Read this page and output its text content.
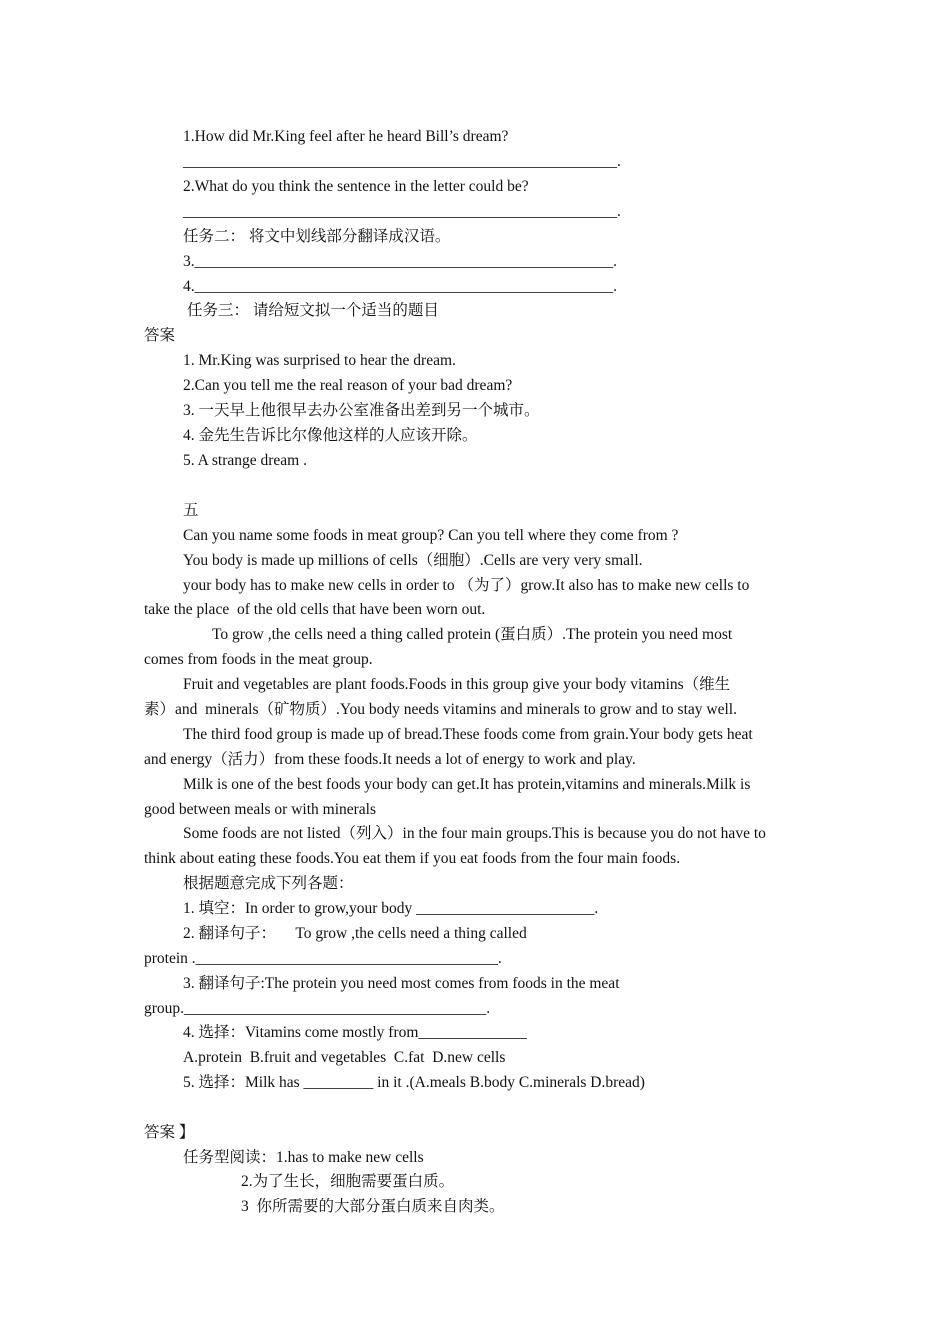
1.How did Mr.King feel after he heard Bill’s dream?

________________________________________________________.

2.What do you think the sentence in the letter could be?

________________________________________________________.

任务二： 将文中划线部分翻译成汉语。

3.______________________________________________________.

4.______________________________________________________.

任务三： 请给短文拟一个适当的题目

答案

1. Mr.King was surprised to hear the dream.

2.Can you tell me the real reason of your bad dream?

3. 一天早上他很早去办公室准备出差到另一个城市。

4. 金先生告诉比尔像他这样的人应该开除。

5. A strange dream .

五

Can you name some foods in meat group? Can you tell where they come from ?

You body is made up millions of cells（细胞）.Cells are very very small.

your body has to make new cells in order to （为了）grow.It also has to make new cells to

take the place  of the old cells that have been worn out.

To grow ,the cells need a thing called protein (蛋白质）.The protein you need most

comes from foods in the meat group.

Fruit and vegetables are plant foods.Foods in this group give your body vitamins（维生

素）and  minerals（矿物质）.You body needs vitamins and minerals to grow and to stay well.

The third food group is made up of bread.These foods come from grain.Your body gets heat

and energy（活力）from these foods.It needs a lot of energy to work and play.

Milk is one of the best foods your body can get.It has protein,vitamins and minerals.Milk is

good between meals or with minerals

Some foods are not listed（列入）in the four main groups.This is because you do not have to

think about eating these foods.You eat them if you eat foods from the four main foods.

根据题意完成下列各题：

1. 填空：In order to grow,your body _______________________.

2. 翻译句子：     To grow ,the cells need a thing called

protein ._______________________________________.

3. 翻译句子:The protein you need most comes from foods in the meat

group._______________________________________.

4. 选择：Vitamins come mostly from______________

A.protein  B.fruit and vegetables  C.fat  D.new cells

5. 选择：Milk has _________ in it .(A.meals B.body C.minerals D.bread)

答案 】

任务型阅读：1.has to make new cells

2.为了生长，细胞需要蛋白质。

3  你所需要的大部分蛋白质来自肉类。
